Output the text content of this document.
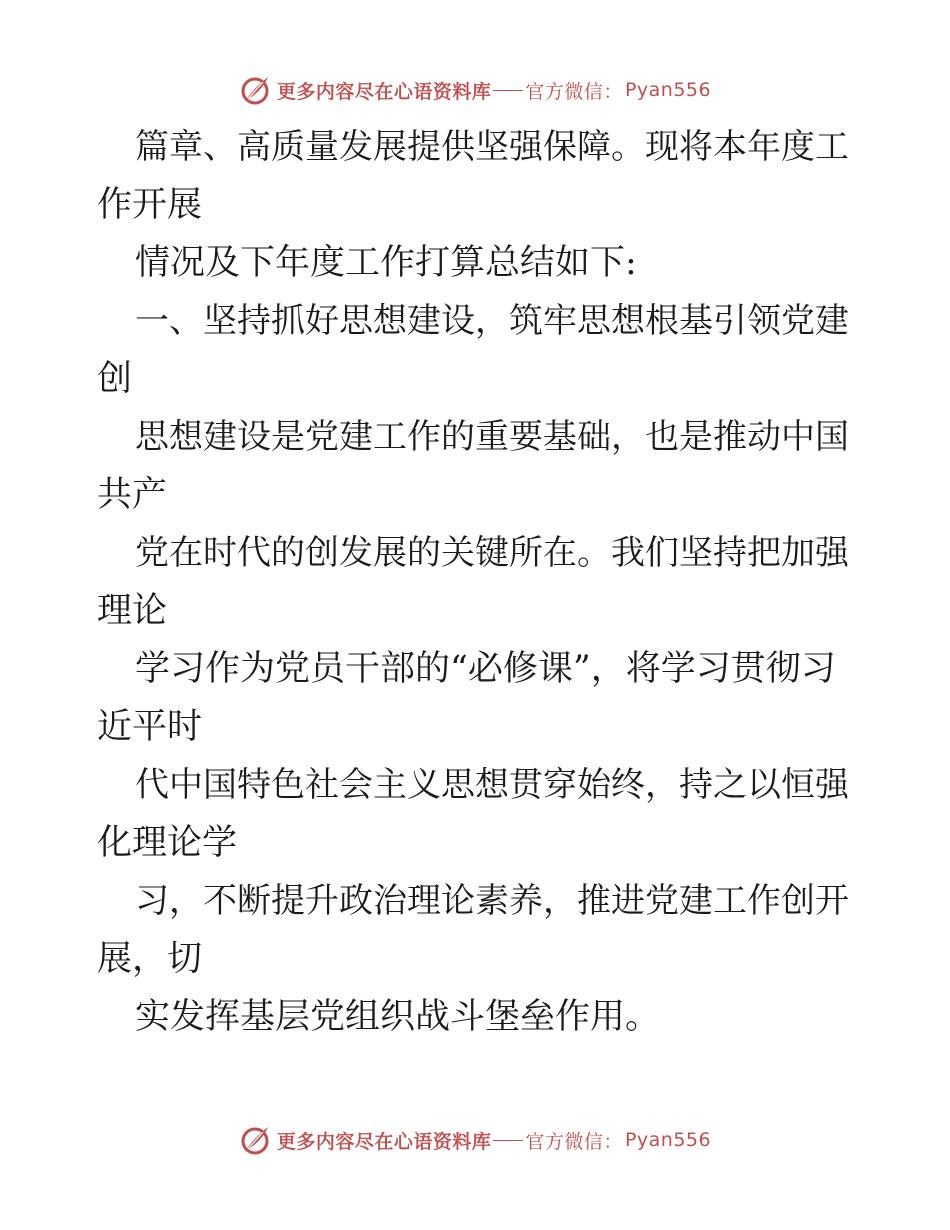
更多内容尽在心语资料库 官方微信： Pyan556
篇章、高质量发展提供坚强保障。现将本年度工
作开展
情况及下年度工作打算总结如下:
一、坚持抓好思想建设，筑牢思想根基引领党建
创
思想建设是党建工作的重要基础，也是推动中国
共产
党在时代的创发展的关键所在。我们坚持把加强
理论
学习作为党员干部的“必修课”，将学习贯彻习
近平时
代中国特色社会主义思想贯穿始终，持之以恒强
化理论学
习，不断提升政治理论素养，推进党建工作创开
展，切
实发挥基层党组织战斗堡垒作用。
更多内容尽在心语资料库 官方微信： Pyan556
